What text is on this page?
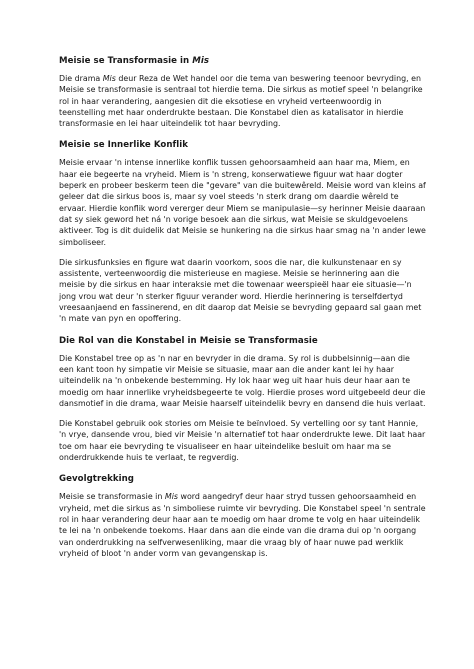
Meisie se Transformasie in Mis
Die drama Mis deur Reza de Wet handel oor die tema van beswering teenoor bevryding, en Meisie se transformasie is sentraal tot hierdie tema. Die sirkus as motief speel 'n belangrike rol in haar verandering, aangesien dit die eksotiese en vryheid verteenwoordig in teenstelling met haar onderdrukte bestaan. Die Konstabel dien as katalisator in hierdie transformasie en lei haar uiteindelik tot haar bevryding.
Meisie se Innerlike Konflik
Meisie ervaar 'n intense innerlike konflik tussen gehoorsaamheid aan haar ma, Miem, en haar eie begeerte na vryheid. Miem is 'n streng, konserwatiewe figuur wat haar dogter beperk en probeer beskerm teen die "gevare" van die buitewêreld. Meisie word van kleins af geleer dat die sirkus boos is, maar sy voel steeds 'n sterk drang om daardie wêreld te ervaar. Hierdie konflik word vererger deur Miem se manipulasie—sy herinner Meisie daaraan dat sy siek geword het ná 'n vorige besoek aan die sirkus, wat Meisie se skuldgevoelens aktiveer. Tog is dit duidelik dat Meisie se hunkering na die sirkus haar smag na 'n ander lewe simboliseer.
Die sirkusfunksies en figure wat daarin voorkom, soos die nar, die kulkunstenaar en sy assistente, verteenwoordig die misterieuse en magiese. Meisie se herinnering aan die meisie by die sirkus en haar interaksie met die towenaar weerspieël haar eie situasie—'n jong vrou wat deur 'n sterker figuur verander word. Hierdie herinnering is terselfdertyd vreesaanjaend en fassinerend, en dit daarop dat Meisie se bevryding gepaard sal gaan met 'n mate van pyn en opoffering.
Die Rol van die Konstabel in Meisie se Transformasie
Die Konstabel tree op as 'n nar en bevryder in die drama. Sy rol is dubbelsinnig—aan die een kant toon hy simpatie vir Meisie se situasie, maar aan die ander kant lei hy haar uiteindelik na 'n onbekende bestemming. Hy lok haar weg uit haar huis deur haar aan te moedig om haar innerlike vryheidsbegeerte te volg. Hierdie proses word uitgebeeld deur die dansmotief in die drama, waar Meisie haarself uiteindelik bevry en dansend die huis verlaat.
Die Konstabel gebruik ook stories om Meisie te beïnvloed. Sy vertelling oor sy tant Hannie, 'n vrye, dansende vrou, bied vir Meisie 'n alternatief tot haar onderdrukte lewe. Dit laat haar toe om haar eie bevryding te visualiseer en haar uiteindelike besluit om haar ma se onderdrukkende huis te verlaat, te regverdig.
Gevolgtrekking
Meisie se transformasie in Mis word aangedryf deur haar stryd tussen gehoorsaamheid en vryheid, met die sirkus as 'n simboliese ruimte vir bevryding. Die Konstabel speel 'n sentrale rol in haar verandering deur haar aan te moedig om haar drome te volg en haar uiteindelik te lei na 'n onbekende toekoms. Haar dans aan die einde van die drama dui op 'n oorgang van onderdrukking na selfverwesenliking, maar die vraag bly of haar nuwe pad werklik vryheid of bloot 'n ander vorm van gevangenskap is.
